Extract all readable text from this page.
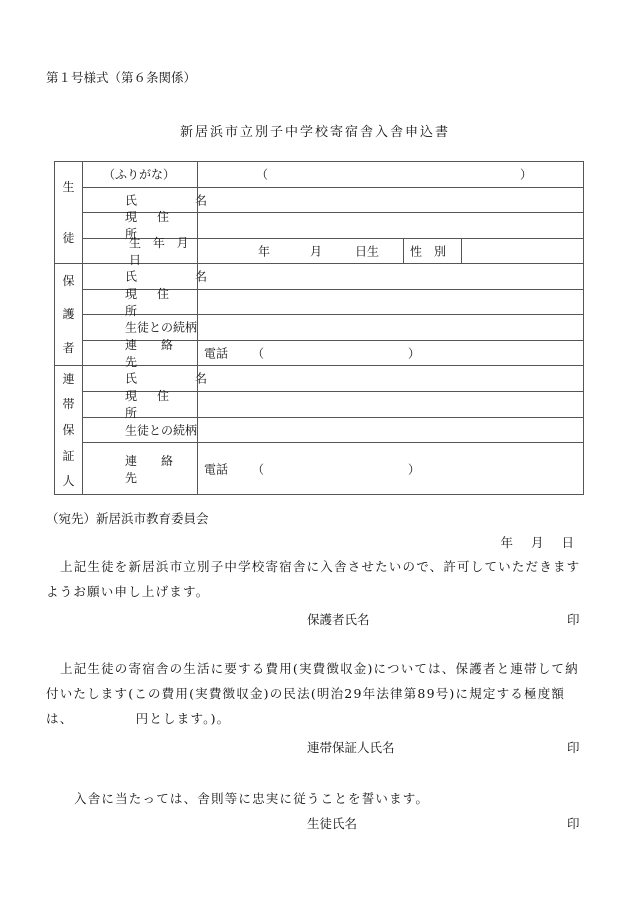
第１号様式（第６条関係）
新居浜市立別子中学校寄宿舎入舎申込書
生
徒	（ふりがな）	（ ）		

	氏 名			

	現　住　所			

	生 年 月 日	年 月 日生	性　別	

保
護
者	氏 名			

	現　住　所			

	生徒との続柄			

	連　　絡　　先	電話 （ ）		

連
帯
保
証
人	氏 名			

	現　住　所			

	生徒との続柄			

	連　　絡　　先	電話 （ ）		
（宛先）新居浜市教育委員会
年 月 日
上記生徒を新居浜市立別子中学校寄宿舎に入舎させたいので、許可していただきますようお願い申し上げます。
保護者氏名	印
上記生徒の寄宿舎の生活に要する費用(実費徴収金)については、保護者と連帯して納付いたします(この費用(実費徴収金)の民法(明治29年法律第89号)に規定する極度額は、　　　　　円とします。)。
連帯保証人氏名	印
入舎に当たっては、舎則等に忠実に従うことを誓います。
生徒氏名	印
